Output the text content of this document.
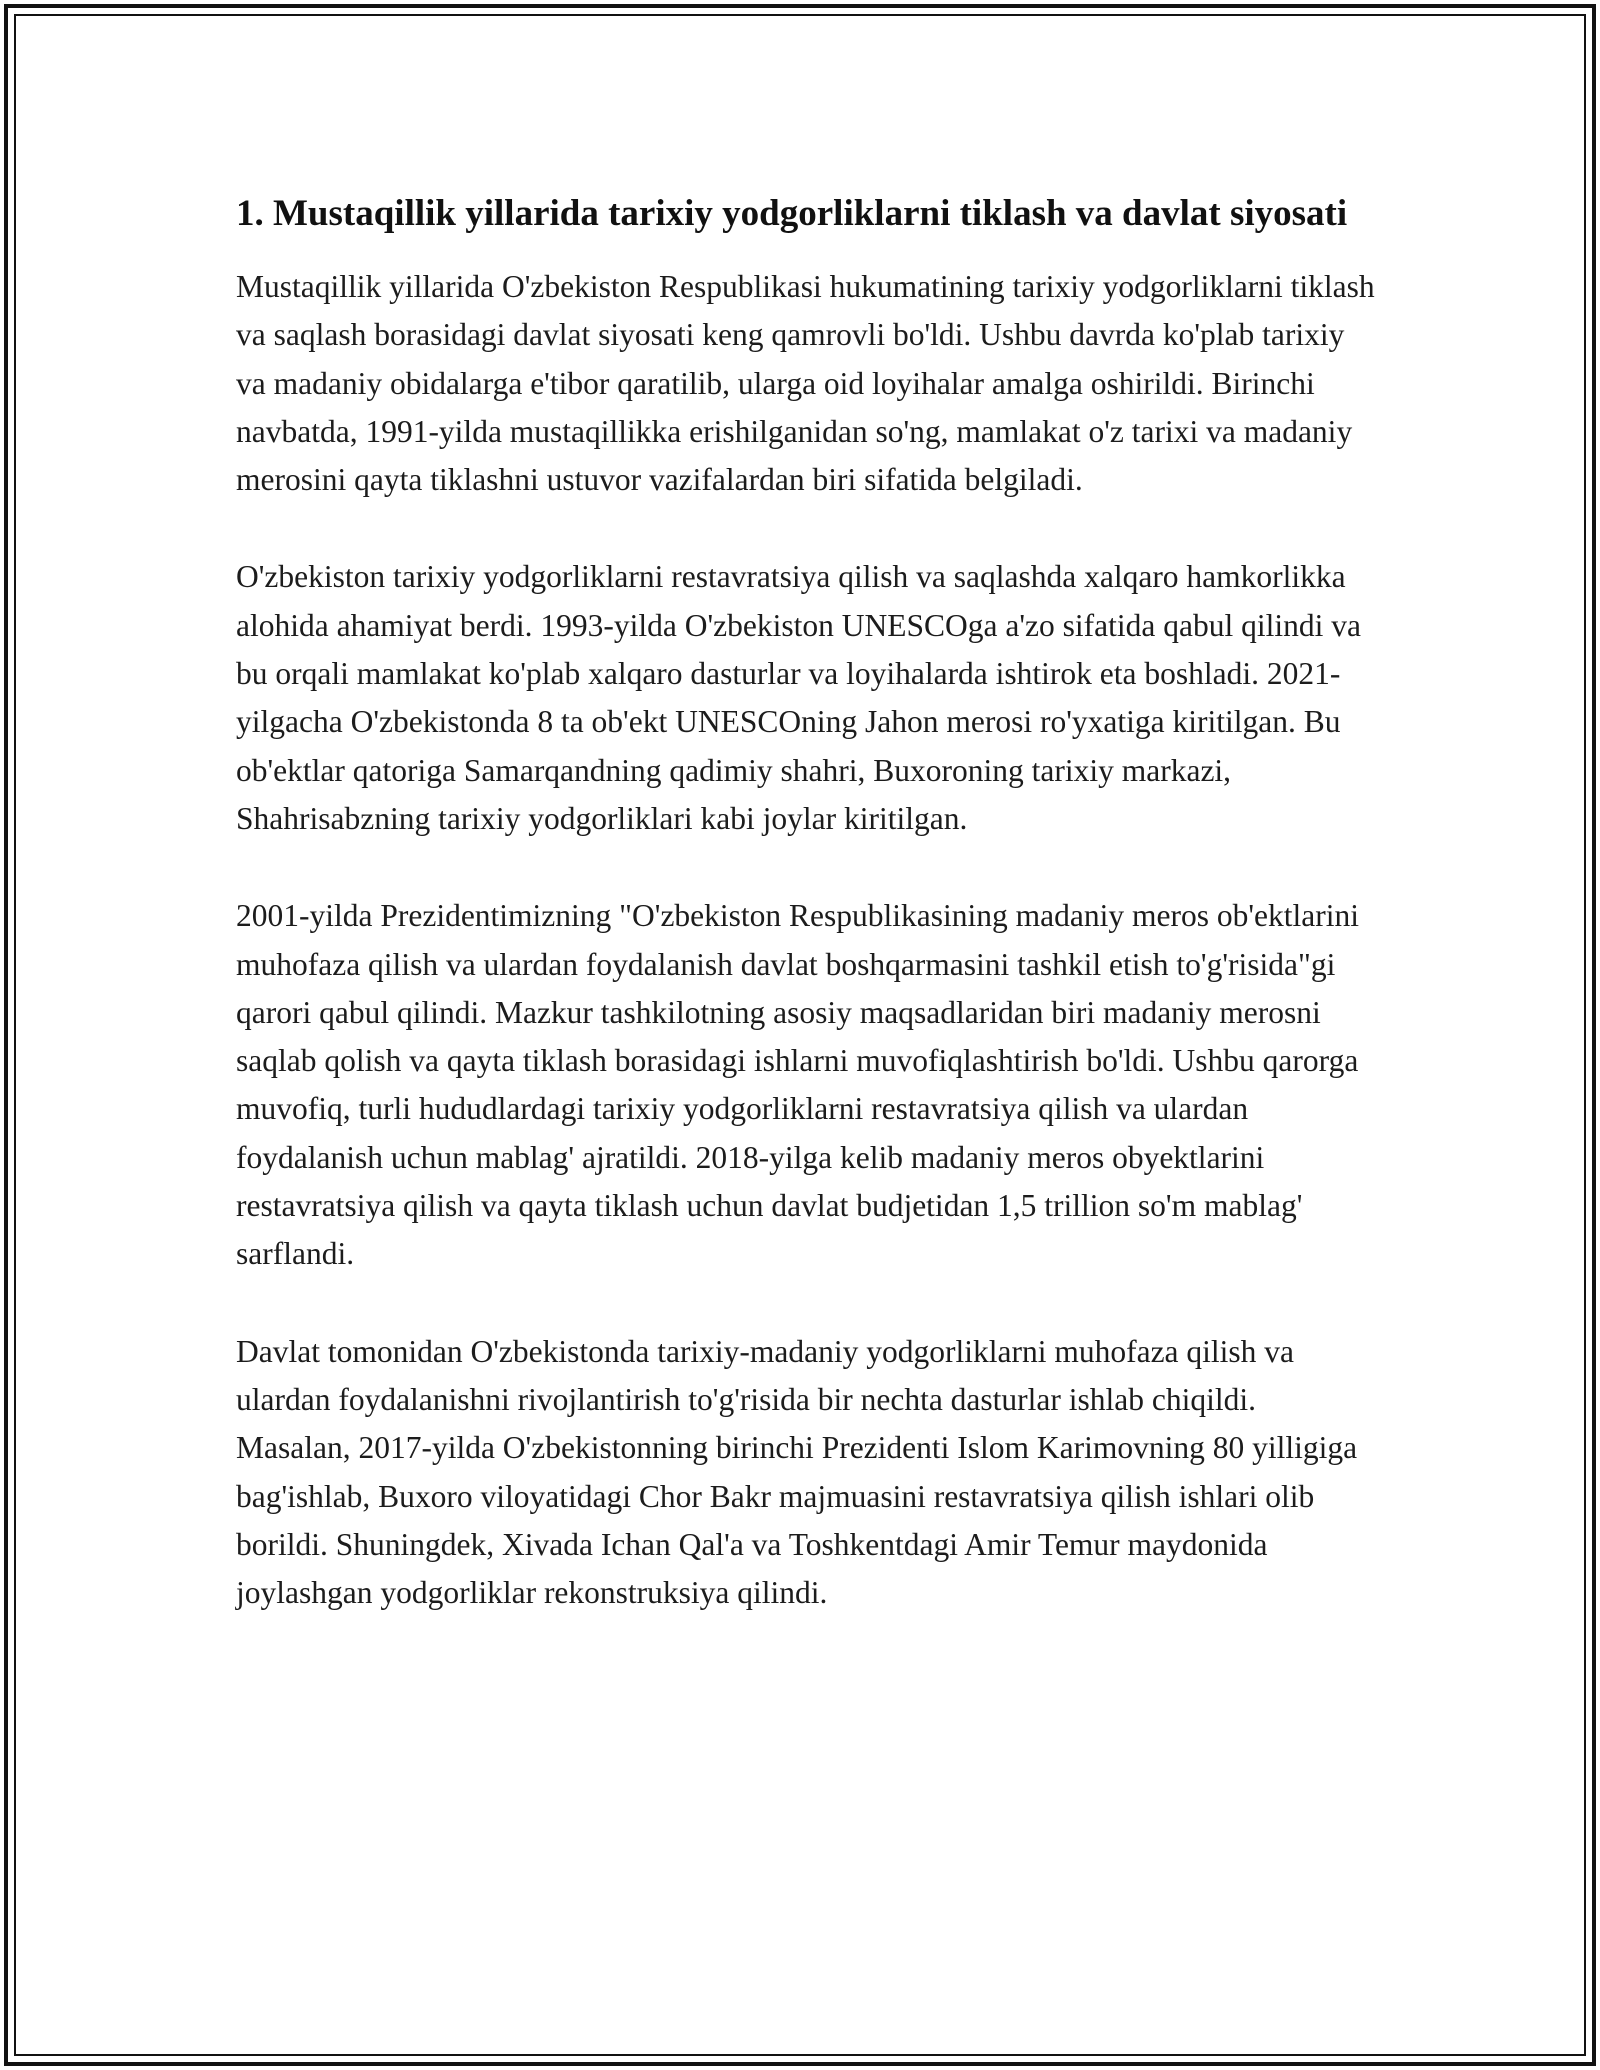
1. Mustaqillik yillarida tarixiy yodgorliklarni tiklash va davlat siyosati

Mustaqillik yillarida O'zbekiston Respublikasi hukumatining tarixiy yodgorliklarni tiklash va saqlash borasidagi davlat siyosati keng qamrovli bo'ldi. Ushbu davrda ko'plab tarixiy va madaniy obidalarga e'tibor qaratilib, ularga oid loyihalar amalga oshirildi. Birinchi navbatda, 1991-yilda mustaqillikka erishilganidan so'ng, mamlakat o'z tarixi va madaniy merosini qayta tiklashni ustuvor vazifalardan biri sifatida belgiladi.

O'zbekiston tarixiy yodgorliklarni restavratsiya qilish va saqlashda xalqaro hamkorlikka alohida ahamiyat berdi. 1993-yilda O'zbekiston UNESCOga a'zo sifatida qabul qilindi va bu orqali mamlakat ko'plab xalqaro dasturlar va loyihalarda ishtirok eta boshladi. 2021-yilgacha O'zbekistonda 8 ta ob'ekt UNESCOning Jahon merosi ro'yxatiga kiritilgan. Bu ob'ektlar qatoriga Samarqandning qadimiy shahri, Buxoroning tarixiy markazi, Shahrisabzning tarixiy yodgorliklari kabi joylar kiritilgan.

2001-yilda Prezidentimizning "O'zbekiston Respublikasining madaniy meros ob'ektlarini muhofaza qilish va ulardan foydalanish davlat boshqarmasini tashkil etish to'g'risida"gi qarori qabul qilindi. Mazkur tashkilotning asosiy maqsadlaridan biri madaniy merosni saqlab qolish va qayta tiklash borasidagi ishlarni muvofiqlashtirish bo'ldi. Ushbu qarorga muvofiq, turli hududlardagi tarixiy yodgorliklarni restavratsiya qilish va ulardan foydalanish uchun mablag' ajratildi. 2018-yilga kelib madaniy meros obyektlarini restavratsiya qilish va qayta tiklash uchun davlat budjetidan 1,5 trillion so'm mablag' sarflandi.

Davlat tomonidan O'zbekistonda tarixiy-madaniy yodgorliklarni muhofaza qilish va ulardan foydalanishni rivojlantirish to'g'risida bir nechta dasturlar ishlab chiqildi. Masalan, 2017-yilda O'zbekistonning birinchi Prezidenti Islom Karimovning 80 yilligiga bag'ishlab, Buxoro viloyatidagi Chor Bakr majmuasini restavratsiya qilish ishlari olib borildi. Shuningdek, Xivada Ichan Qal'a va Toshkentdagi Amir Temur maydonida joylashgan yodgorliklar rekonstruksiya qilindi.
